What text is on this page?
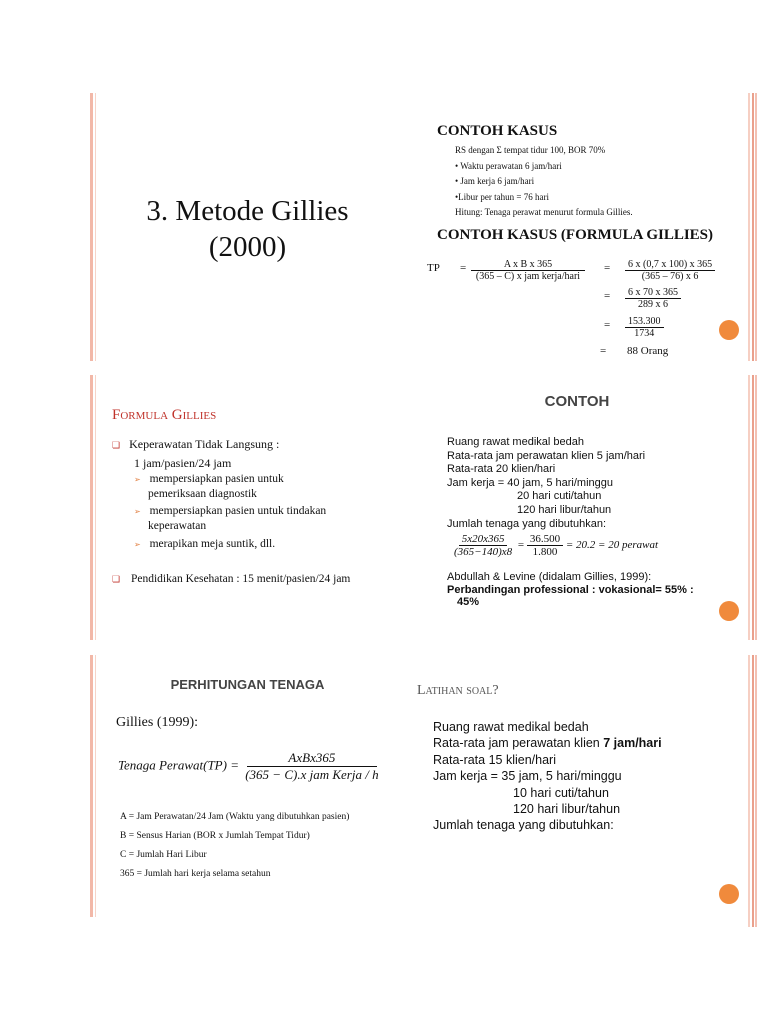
3. Metode Gillies
(2000)
CONTOH KASUS
RS dengan Σ tempat tidur 100, BOR 70%
• Waktu perawatan 6 jam/hari
• Jam kerja 6 jam/hari
•Libur per tahun = 76 hari
Hitung: Tenaga perawat menurut formula Gillies.
CONTOH KASUS (FORMULA GILLIES)
TP = $\frac{\text{A x B x 365}}{\text{(365 – C) x jam kerja/hari}} = \frac{6 x (0,7 x 100) x 365}{(365 - 76) x 6}$
= $\frac{6 x 70 x 365}{289 x 6}$
= $\frac{153.300}{1734}$
= 88 Orang
Formula Gillies
❏ Keperawatan Tidak Langsung :
1 jam/pasien/24 jam
➢ mempersiapkan pasien untuk
pemeriksaan diagnostik
➢ mempersiapkan pasien untuk tindakan
keperawatan
➢ merapikan meja suntik, dll.
❏ Pendidikan Kesehatan : 15 menit/pasien/24 jam
CONTOH
Ruang rawat medikal bedah
Rata-rata jam perawatan klien 5 jam/hari
Rata-rata 20 klien/hari
Jam kerja = 40 jam, 5 hari/minggu
20 hari cuti/tahun
120 hari libur/tahun
Jumlah tenaga yang dibutuhkan:
$\frac{5x20x365}{(365-140)x8} = \frac{36.500}{1.800} = 20.2 = 20$ perawat
Abdullah & Levine (didalam Gillies, 1999):
Perbandingan professional : vokasional= 55% :
45%
PERHITUNGAN TENAGA
Gillies (1999):
Tenaga Perawat(TP) = $\frac{\text{AxBx365}}{\text{(365 − C).x jam Kerja / h}}$
A = Jam Perawatan/24 Jam (Waktu yang dibutuhkan pasien)
B = Sensus Harian (BOR x Jumlah Tempat Tidur)
C = Jumlah Hari Libur
365 = Jumlah hari kerja selama setahun
Latihan soal?
Ruang rawat medikal bedah
Rata-rata jam perawatan klien 7 jam/hari
Rata-rata 15 klien/hari
Jam kerja = 35 jam, 5 hari/minggu
10 hari cuti/tahun
120 hari libur/tahun
Jumlah tenaga yang dibutuhkan:
